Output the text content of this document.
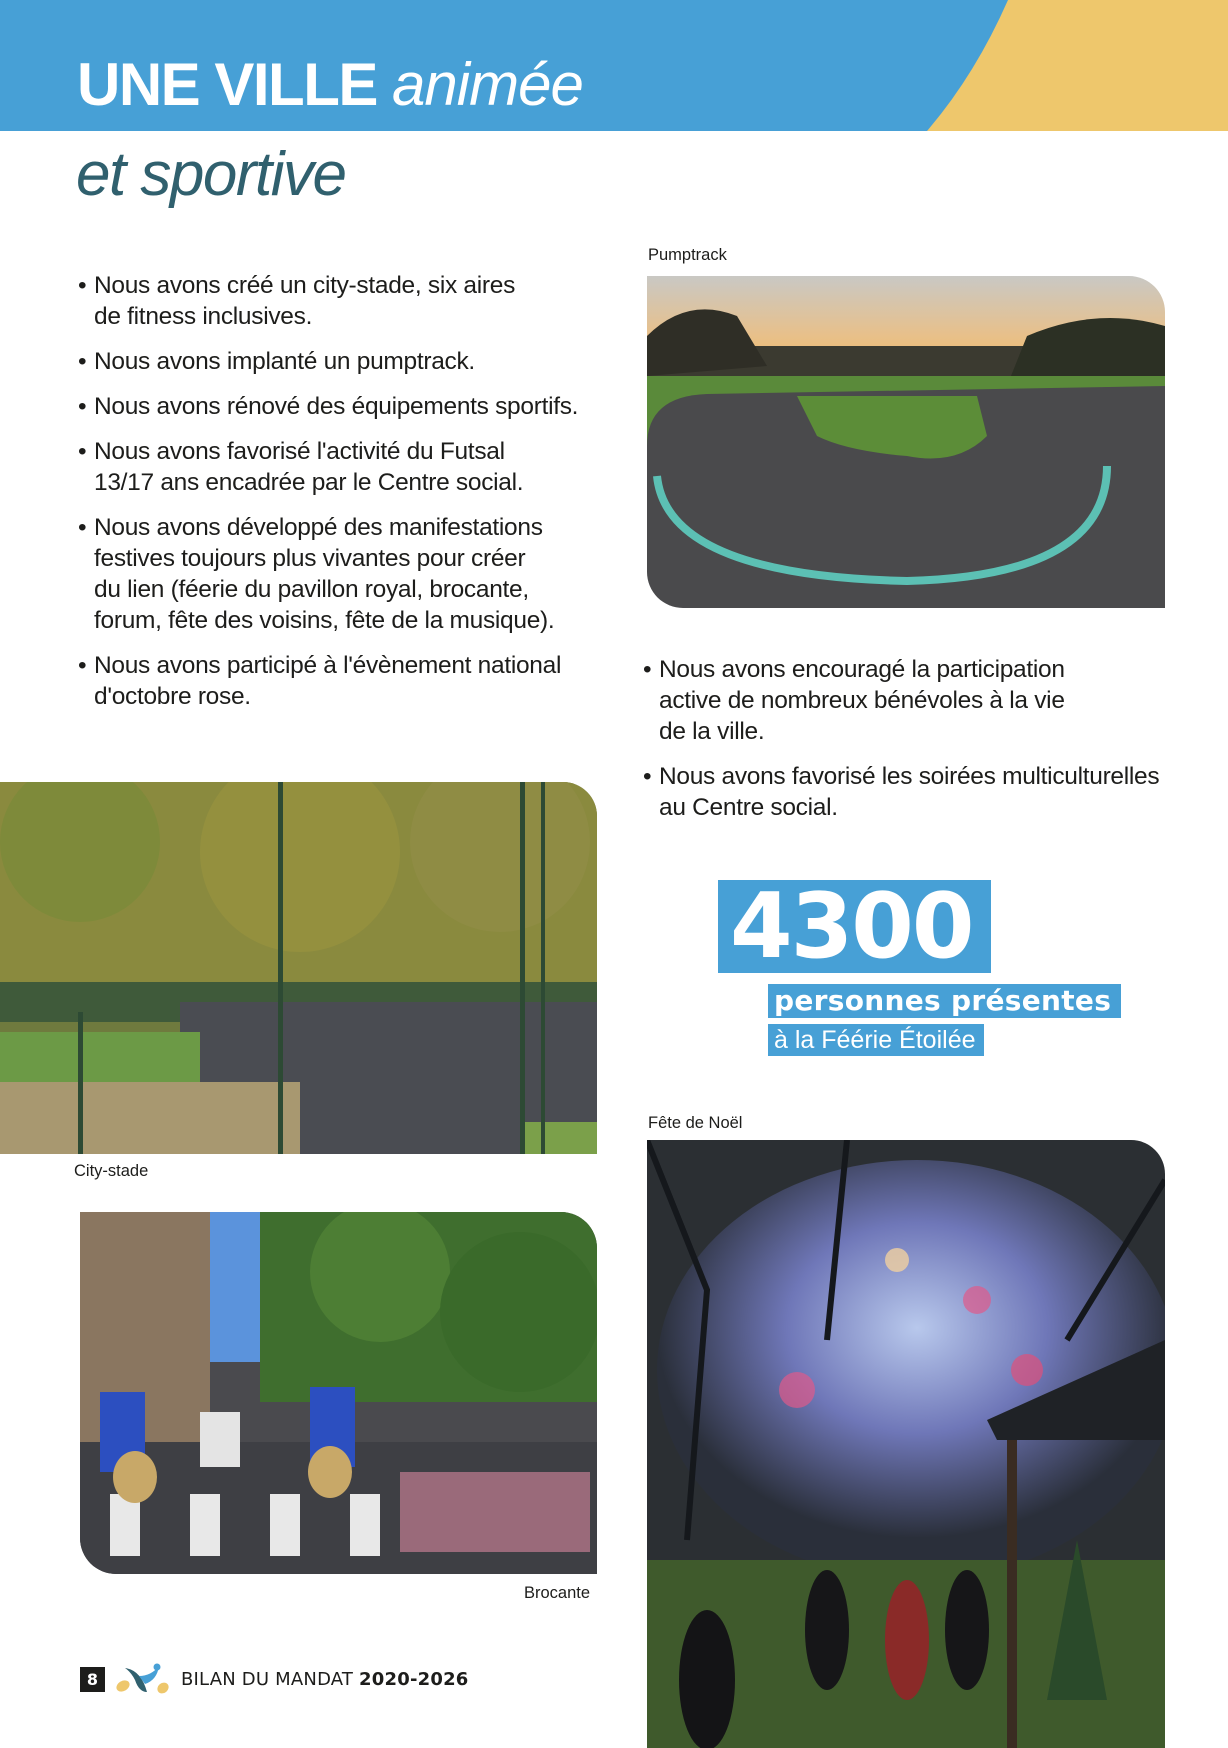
UNE VILLE animée
et sportive
• Nous avons créé un city-stade, six aires
de fitness inclusives.
• Nous avons implanté un pumptrack.
• Nous avons rénové des équipements sportifs.
• Nous avons favorisé l'activité du Futsal
13/17 ans encadrée par le Centre social.
• Nous avons développé des manifestations
festives toujours plus vivantes pour créer
du lien (féerie du pavillon royal, brocante,
forum, fête des voisins, fête de la musique).
• Nous avons participé à l'évènement national
d'octobre rose.
Pumptrack
• Nous avons encouragé la participation
active de nombreux bénévoles à la vie
de la ville.
• Nous avons favorisé les soirées multiculturelles
au Centre social.
City-stade
4300
personnes présentes
à la Féérie Étoilée
Fête de Noël
Brocante
8	BILAN DU MANDAT 2020-2026
